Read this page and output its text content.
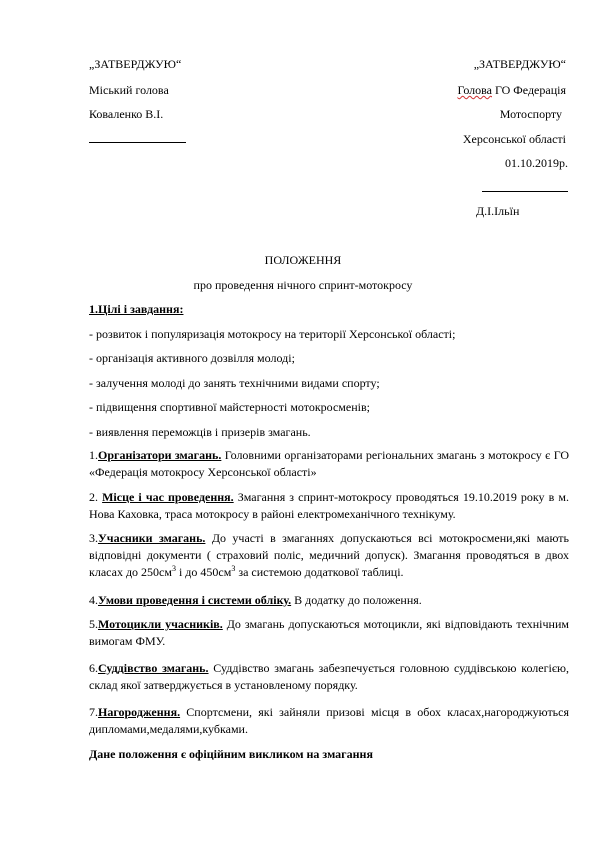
„ЗАТВЕРДЖУЮ“
Міський голова
Коваленко В.І.
„ЗАТВЕРДЖУЮ“
Голова ГО Федерація
Мотоспорту
Херсонської області
01.10.2019р.
Д.І.Ільїн
ПОЛОЖЕННЯ
про проведення нічного спринт-мотокросу
1.Цілі і завдання:
- розвиток і популяризація мотокросу на території Херсонської області;
- організація активного дозвілля молоді;
- залучення молоді до занять технічними видами спорту;
- підвищення спортивної майстерності мотокросменів;
- виявлення переможців і призерів змагань.
1.Організатори змагань. Головними організаторами регіональних змагань з мотокросу є ГО «Федерація мотокросу Херсонської області»
2. Місце і час проведення. Змагання з спринт-мотокросу проводяться 19.10.2019 року в м. Нова Каховка, траса мотокросу в районі електромеханічного технікуму.
3.Учасники змагань. До участі в змаганнях допускаються всі мотокросмени,які мають відповідні документи ( страховий поліс, медичний допуск). Змагання проводяться в двох класах до $250см^3$ і до $450см^3$ за системою додаткової таблиці.
4.Умови проведення і системи обліку. В додатку до положення.
5.Мотоцикли учасників. До змагань допускаються мотоцикли, які відповідають технічним вимогам ФМУ.
6.Суддівство змагань. Суддівство змагань забезпечується головною суддівською колегією, склад якої затверджується в установленому порядку.
7.Нагородження. Спортсмени, які зайняли призові місця в обох класах,нагороджуються дипломами,медалями,кубками.
Дане положення є офіційним викликом на змагання
